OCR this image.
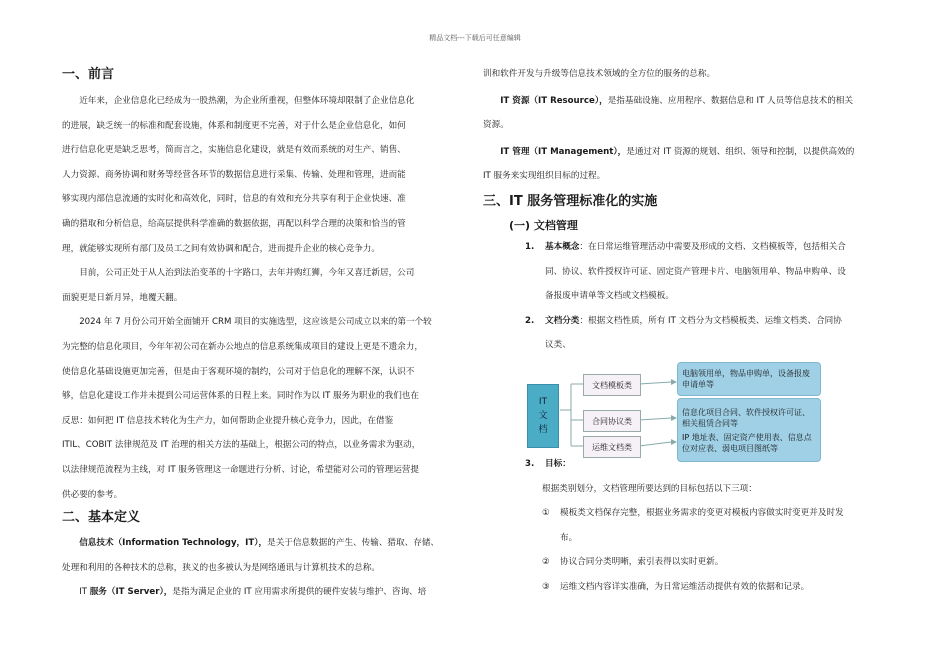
精品文档---下载后可任意编辑

一、前言

近年来，企业信息化已经成为一股热潮，为企业所重视，但整体环境却限制了企业信息化

的进展，缺乏统一的标准和配套设施，体系和制度更不完善，对于什么是企业信息化，如何

进行信息化更是缺乏思考，简而言之，实施信息化建设，就是有效而系统的对生产、销售、

人力资源、商务协调和财务等经营各环节的数据信息进行采集、传输、处理和管理，进而能

够实现内部信息流通的实时化和高效化，同时，信息的有效和充分共享有利于企业快速、准

确的猎取和分析信息，给高层提供科学准确的数据依据，再配以科学合理的决策和恰当的管

理，就能够实现所有部门及员工之间有效协调和配合，进而提升企业的核心竞争力。

目前，公司正处于从人治到法治变革的十字路口，去年并购红狮，今年又喜迁新居，公司

面貌更是日新月异，地覆天翻。

2024 年 7 月份公司开始全面铺开 CRM 项目的实施选型，这应该是公司成立以来的第一个较

为完整的信息化项目，今年年初公司在新办公地点的信息系统集成项目的建设上更是不遗余力，

使信息化基础设施更加完善，但是由于客观环境的制约，公司对于信息化的理解不深，认识不

够，信息化建设工作并未提到公司运营体系的日程上来。同时作为以 IT 服务为职业的我们也在

反思：如何把 IT 信息技术转化为生产力，如何帮助企业提升核心竞争力，因此，在借鉴

ITIL、COBIT 法律规范及 IT 治理的相关方法的基础上，根据公司的特点，以业务需求为驱动，

以法律规范流程为主线，对 IT 服务管理这一命题进行分析、讨论，希望能对公司的管理运营提

供必要的参考。

二、基本定义

信息技术（Information Technology，IT），是关于信息数据的产生、传输、猎取、存储、

处理和利用的各种技术的总称，狭义的也多被认为是网络通讯与计算机技术的总称。

IT 服务（IT Server），是指为满足企业的 IT 应用需求所提供的硬件安装与维护、咨询、培

训和软件开发与升级等信息技术领域的全方位的服务的总称。

IT 资源（IT Resource），是指基础设施、应用程序、数据信息和 IT 人员等信息技术的相关

资源。

IT 管理（IT Management），是通过对 IT 资源的规划、组织、领导和控制，以提供高效的

IT 服务来实现组织目标的过程。

三、IT 服务管理标准化的实施

(一) 文档管理

1.	基本概念：在日常运维管理活动中需要及形成的文档、文档模板等，包括相关合

同、协议、软件授权许可证、固定资产管理卡片、电脑领用单、物品申购单、设

备报废申请单等文档或文档模板。

2.	文档分类：根据文档性质，所有 IT 文档分为文档模板类、运维文档类、合同协

议类、

IT 文 档
文档模板类
合同协议类
运维文档类
电脑领用单，物品申购单，设备报废申请单等
信息化项目合同、软件授权许可证、相关租赁合同等
IP 地址表、固定资产使用表、信息点位对应表、弱电项目图纸等
3.	目标：

根据类别划分，文档管理所要达到的目标包括以下三项：

①	模板类文档保存完整，根据业务需求的变更对模板内容做实时变更并及时发

布。

②	协议合同分类明晰，索引表得以实时更新。
③	运维文档内容详实准确，为日常运维活动提供有效的依据和记录。
